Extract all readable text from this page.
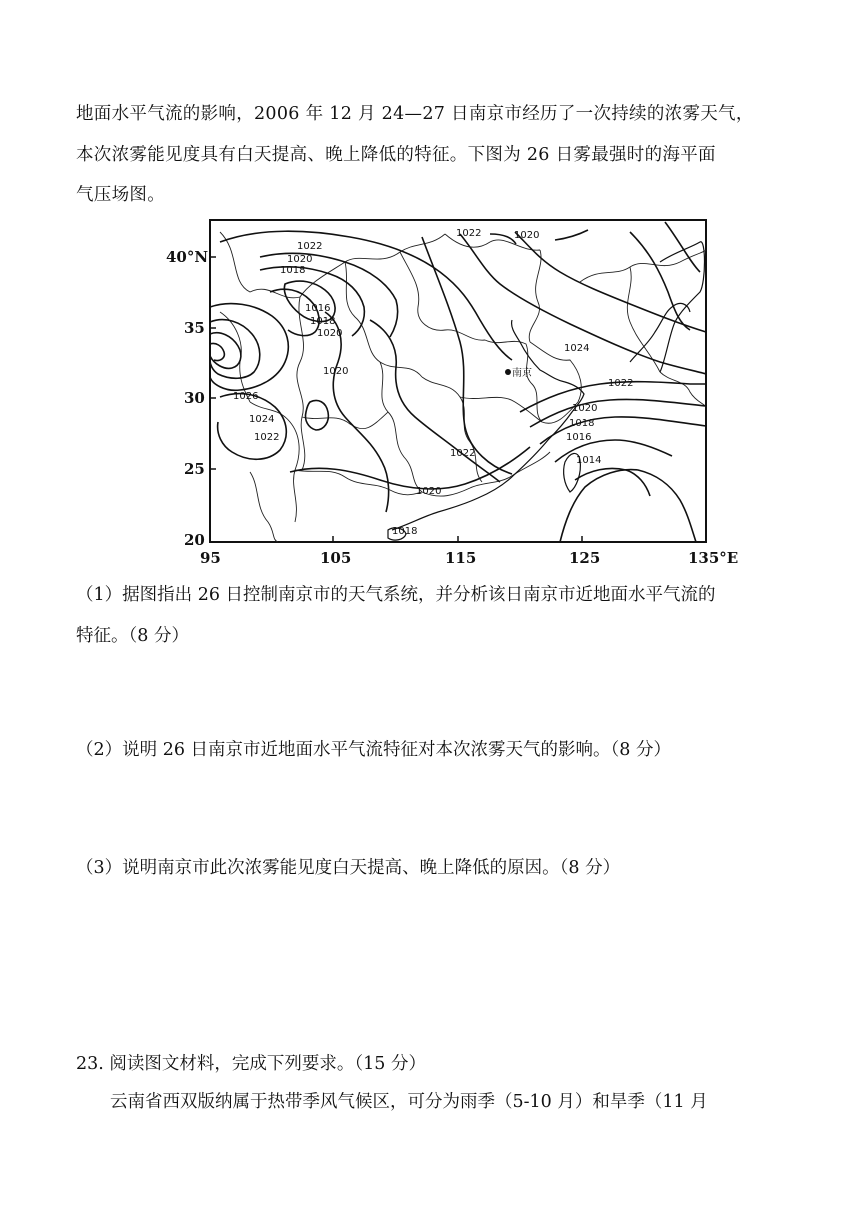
地面水平气流的影响，2006 年 12 月 24—27 日南京市经历了一次持续的浓雾天气，
本次浓雾能见度具有白天提高、晚上降低的特征。下图为 26 日雾最强时的海平面
气压场图。
40°N
35
30
25
20
95	105	115	125	135°E
南京
1022
1020
1018
1016
1018
1020
1020
1026
1024
1022
1022
1020
1024
1022
1020
1018
1016
1014
1022	1020
1018
（1）据图指出 26 日控制南京市的天气系统，并分析该日南京市近地面水平气流的
特征。（8 分）
（2）说明 26 日南京市近地面水平气流特征对本次浓雾天气的影响。（8 分）
（3）说明南京市此次浓雾能见度白天提高、晚上降低的原因。（8 分）
23. 阅读图文材料，完成下列要求。（15 分）
云南省西双版纳属于热带季风气候区，可分为雨季（5-10 月）和旱季（11 月
